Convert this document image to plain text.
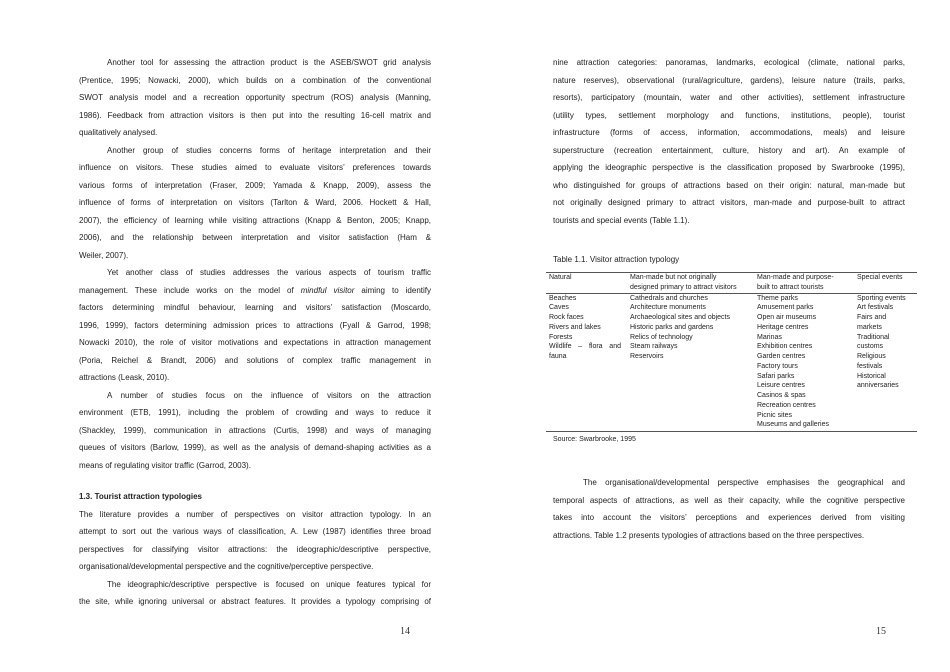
Another tool for assessing the attraction product is the ASEB/SWOT grid analysis
(Prentice, 1995; Nowacki, 2000), which builds on a combination of the conventional
SWOT analysis model and a recreation opportunity spectrum (ROS) analysis (Manning,
1986). Feedback from attraction visitors is then put into the resulting 16-cell matrix and
qualitatively analysed.
Another group of studies concerns forms of heritage interpretation and their
influence on visitors. These studies aimed to evaluate visitors’ preferences towards
various forms of interpretation (Fraser, 2009; Yamada & Knapp, 2009), assess the
influence of forms of interpretation on visitors (Tarlton & Ward, 2006. Hockett & Hall,
2007), the efficiency of learning while visiting attractions (Knapp & Benton, 2005; Knapp,
2006), and the relationship between interpretation and visitor satisfaction (Ham &
Weiler, 2007).
Yet another class of studies addresses the various aspects of tourism traffic
management. These include works on the model of mindful visitor aiming to identify
factors determining mindful behaviour, learning and visitors’ satisfaction (Moscardo,
1996, 1999), factors determining admission prices to attractions (Fyall & Garrod, 1998;
Nowacki 2010), the role of visitor motivations and expectations in attraction management
(Poria, Reichel & Brandt, 2006) and solutions of complex traffic management in
attractions (Leask, 2010).
A number of studies focus on the influence of visitors on the attraction
environment (ETB, 1991), including the problem of crowding and ways to reduce it
(Shackley, 1999), communication in attractions (Curtis, 1998) and ways of managing
queues of visitors (Barlow, 1999), as well as the analysis of demand-shaping activities as a
means of regulating visitor traffic (Garrod, 2003).
1.3. Tourist attraction typologies
The literature provides a number of perspectives on visitor attraction typology. In an
attempt to sort out the various ways of classification, A. Lew (1987) identifies three broad
perspectives for classifying visitor attractions: the ideographic/descriptive perspective,
organisational/developmental perspective and the cognitive/perceptive perspective.
The ideographic/descriptive perspective is focused on unique features typical for
the site, while ignoring universal or abstract features. It provides a typology comprising of
14
nine attraction categories: panoramas, landmarks, ecological (climate, national parks,
nature reserves), observational (rural/agriculture, gardens), leisure nature (trails, parks,
resorts), participatory (mountain, water and other activities), settlement infrastructure
(utility types, settlement morphology and functions, institutions, people), tourist
infrastructure (forms of access, information, accommodations, meals) and leisure
superstructure (recreation entertainment, culture, history and art). An example of
applying the ideographic perspective is the classification proposed by Swarbrooke (1995),
who distinguished for groups of attractions based on their origin: natural, man-made but
not originally designed primary to attract visitors, man-made and purpose-built to attract
tourists and special events (Table 1.1).
Table 1.1. Visitor attraction typology
Natural	Man-made but not originally
designed primary to attract visitors
Man-made and purpose-
built to attract tourists
Special events
Beaches
Caves
Rock faces
Rivers and lakes
Forests
Wildlife – flora and
fauna
Cathedrals and churches
Architecture monuments
Archaeological sites and objects
Historic parks and gardens
Relics of technology
Steam railways
Reservoirs
Theme parks
Amusement parks
Open air museums
Heritage centres
Marinas
Exhibition centres
Garden centres
Factory tours
Safari parks
Leisure centres
Casinos & spas
Recreation centres
Picnic sites
Museums and galleries
Sporting events
Art festivals
Fairs and
markets
Traditional
customs
Religious
festivals
Historical
anniversaries
Source: Swarbrooke, 1995
The organisational/developmental perspective emphasises the geographical and
temporal aspects of attractions, as well as their capacity, while the cognitive perspective
takes into account the visitors’ perceptions and experiences derived from visiting
attractions. Table 1.2 presents typologies of attractions based on the three perspectives.
15
